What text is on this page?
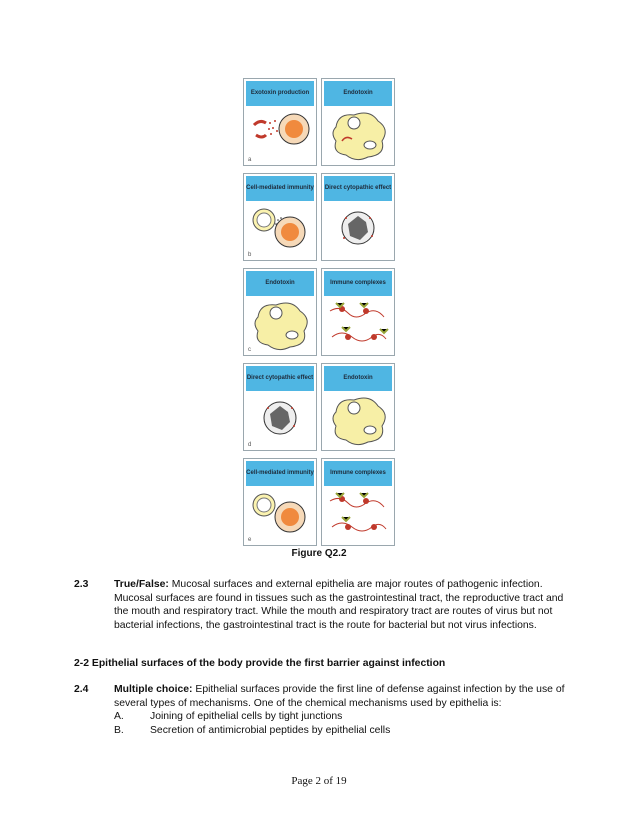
Exotoxin production
a
Endotoxin
Cell-mediated immunity
b
Direct cytopathic effect
Endotoxin
c
Immune complexes
Direct cytopathic effect
d
Endotoxin
Cell-mediated immunity
e
Immune complexes
Figure Q2.2
2.3 True/False: Mucosal surfaces and external epithelia are major routes of pathogenic infection. Mucosal surfaces are found in tissues such as the gastrointestinal tract, the reproductive tract and the mouth and respiratory tract. While the mouth and respiratory tract are routes of virus but not bacterial infections, the gastrointestinal tract is the route for bacterial but not virus infections.
2-2 Epithelial surfaces of the body provide the first barrier against infection
2.4 Multiple choice: Epithelial surfaces provide the first line of defense against infection by the use of several types of mechanisms. One of the chemical mechanisms used by epithelia is:
A.	Joining of epithelial cells by tight junctions
B.	Secretion of antimicrobial peptides by epithelial cells
Page 2 of 19
